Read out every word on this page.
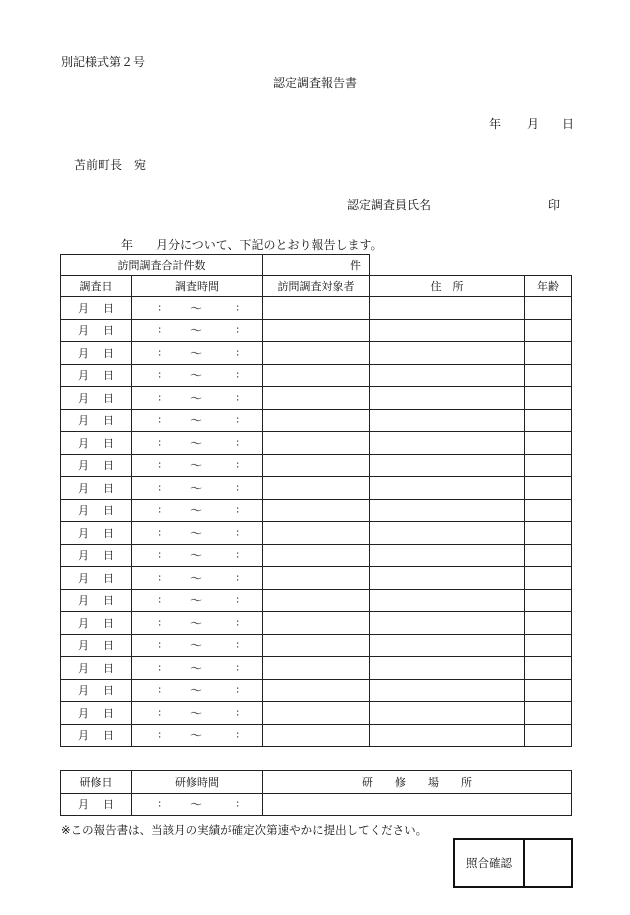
別記様式第２号
認定調査報告書
年 月 日
苫前町長　宛
認定調査員氏名	印
年 月分について、下記のとおり報告します。
訪問調査合計件数		件		
調査日	調査時間	訪問調査対象者	住　所	年齢
月 日	: 〜 :			

月 日	: 〜 :			

月 日	: 〜 :			

月 日	: 〜 :			

月 日	: 〜 :			

月 日	: 〜 :			

月 日	: 〜 :			

月 日	: 〜 :			

月 日	: 〜 :			

月 日	: 〜 :			

月 日	: 〜 :			

月 日	: 〜 :			

月 日	: 〜 :			

月 日	: 〜 :			

月 日	: 〜 :			

月 日	: 〜 :			

月 日	: 〜 :			

月 日	: 〜 :			

月 日	: 〜 :			

月 日	: 〜 :			

研修日	研修時間	研　　修　　場　　所
月 日	: 〜 :	

※この報告書は、当該月の実績が確定次第速やかに提出してください。
照合確認	
